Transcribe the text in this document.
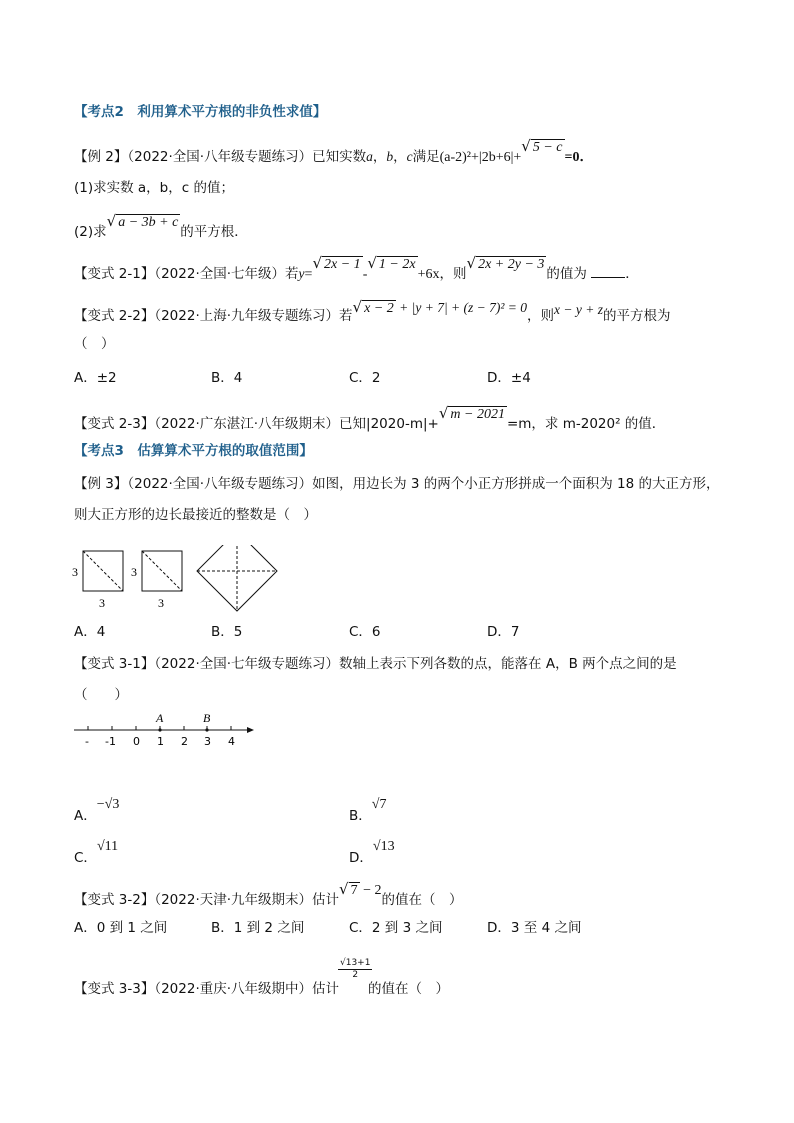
【考点2　利用算术平方根的非负性求值】
【例 2】（2022·全国·八年级专题练习）已知实数a，b，c满足(a-2)²+|2b+6|+√ 5 − c=0．
(1)求实数 a，b，c 的值；
(2)求√ a − 3b + c的平方根．
【变式 2-1】（2022·全国·七年级）若y=√ 2x − 1-√ 1 − 2x+6x，则√ 2x + 2y − 3的值为	．
【变式 2-2】（2022·上海·九年级专题练习）若√ x − 2 + |y + 7| + (z − 7)² = 0，则x − y + z的平方根为
（　）
A．±2	B．4	C．2	D．±4
【变式 2-3】（2022·广东湛江·八年级期末）已知|2020-m|+√ m − 2021=m，求 m-2020² 的值．
【考点3　估算算术平方根的取值范围】
【例 3】（2022·全国·八年级专题练习）如图，用边长为 3 的两个小正方形拼成一个面积为 18 的大正方形，
则大正方形的边长最接近的整数是（　）
3
3
3
3
A．4	B．5	C．6	D．7
【变式 3-1】（2022·全国·七年级专题练习）数轴上表示下列各数的点，能落在 A，B 两个点之间的是
（　　）
A	B
- -1 0 1 2 3 4
A．−√3
B．√7
C．√11
D．√13
【变式 3-2】（2022·天津·九年级期末）估计√ 7 − 2的值在（　）
A．0 到 1 之间	B．1 到 2 之间	C．2 到 3 之间	D．3 至 4 之间
【变式 3-3】（2022·重庆·八年级期中）估计
$\frac{√13+1}{2}$
的值在（　）
